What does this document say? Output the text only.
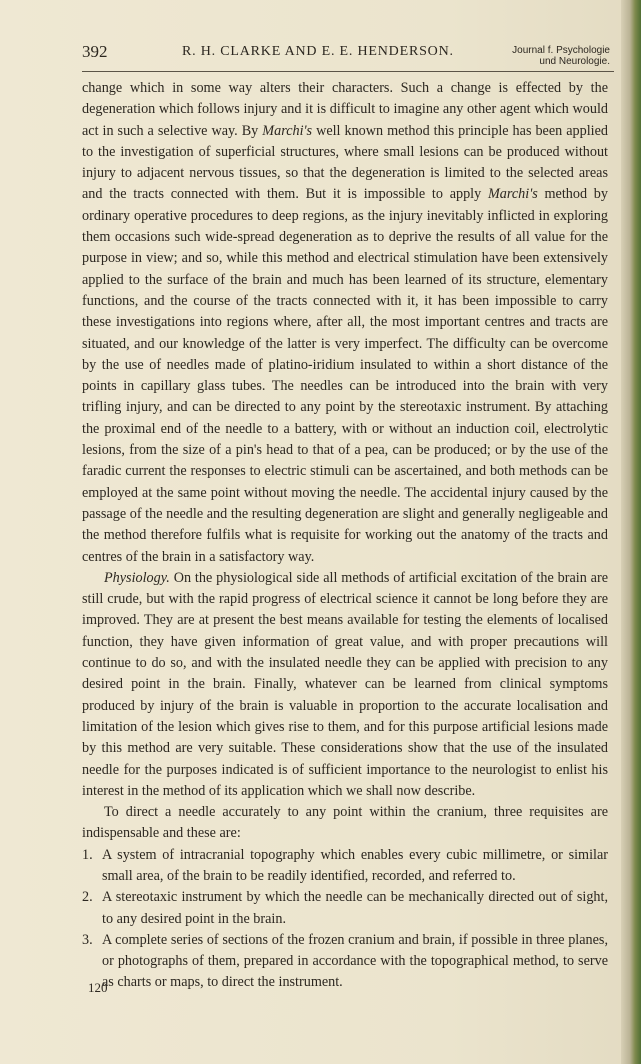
392	R. H. CLARKE AND E. E. HENDERSON.	Journal f. Psychologie
und Neurologie.

change which in some way alters their characters. Such a change is effected by the degeneration which follows injury and it is difficult to imagine any other agent which would act in such a selective way. By Marchi's well known method this principle has been applied to the investigation of superficial structures, where small lesions can be produced without injury to adjacent nervous tissues, so that the degeneration is limited to the selected areas and the tracts connected with them. But it is impossible to apply Marchi's method by ordinary operative procedures to deep regions, as the injury inevitably inflicted in exploring them occasions such wide-spread degeneration as to deprive the results of all value for the purpose in view; and so, while this method and electrical stimulation have been extensively applied to the surface of the brain and much has been learned of its structure, elementary functions, and the course of the tracts connected with it, it has been impossible to carry these investigations into regions where, after all, the most important centres and tracts are situated, and our knowledge of the latter is very imperfect. The difficulty can be overcome by the use of needles made of platino-iridium insulated to within a short distance of the points in capillary glass tubes. The needles can be introduced into the brain with very trifling injury, and can be directed to any point by the stereotaxic instrument. By attaching the proximal end of the needle to a battery, with or without an induction coil, electrolytic lesions, from the size of a pin's head to that of a pea, can be produced; or by the use of the faradic current the responses to electric stimuli can be ascertained, and both methods can be employed at the same point without moving the needle. The accidental injury caused by the passage of the needle and the resulting degeneration are slight and generally negligeable and the method therefore fulfils what is requisite for working out the anatomy of the tracts and centres of the brain in a satisfactory way.

Physiology. On the physiological side all methods of artificial excitation of the brain are still crude, but with the rapid progress of electrical science it cannot be long before they are improved. They are at present the best means available for testing the elements of localised function, they have given information of great value, and with proper precautions will continue to do so, and with the insulated needle they can be applied with precision to any desired point in the brain. Finally, whatever can be learned from clinical symptoms produced by injury of the brain is valuable in proportion to the accurate localisation and limitation of the lesion which gives rise to them, and for this purpose artificial lesions made by this method are very suitable. These considerations show that the use of the insulated needle for the purposes indicated is of sufficient importance to the neurologist to enlist his interest in the method of its application which we shall now describe.

To direct a needle accurately to any point within the cranium, three requisites are indispensable and these are:

1. A system of intracranial topography which enables every cubic millimetre, or similar small area, of the brain to be readily identified, recorded, and referred to.
2. A stereotaxic instrument by which the needle can be mechanically directed out of sight, to any desired point in the brain.
3. A complete series of sections of the frozen cranium and brain, if possible in three planes, or photographs of them, prepared in accordance with the topographical method, to serve as charts or maps, to direct the instrument.
120
